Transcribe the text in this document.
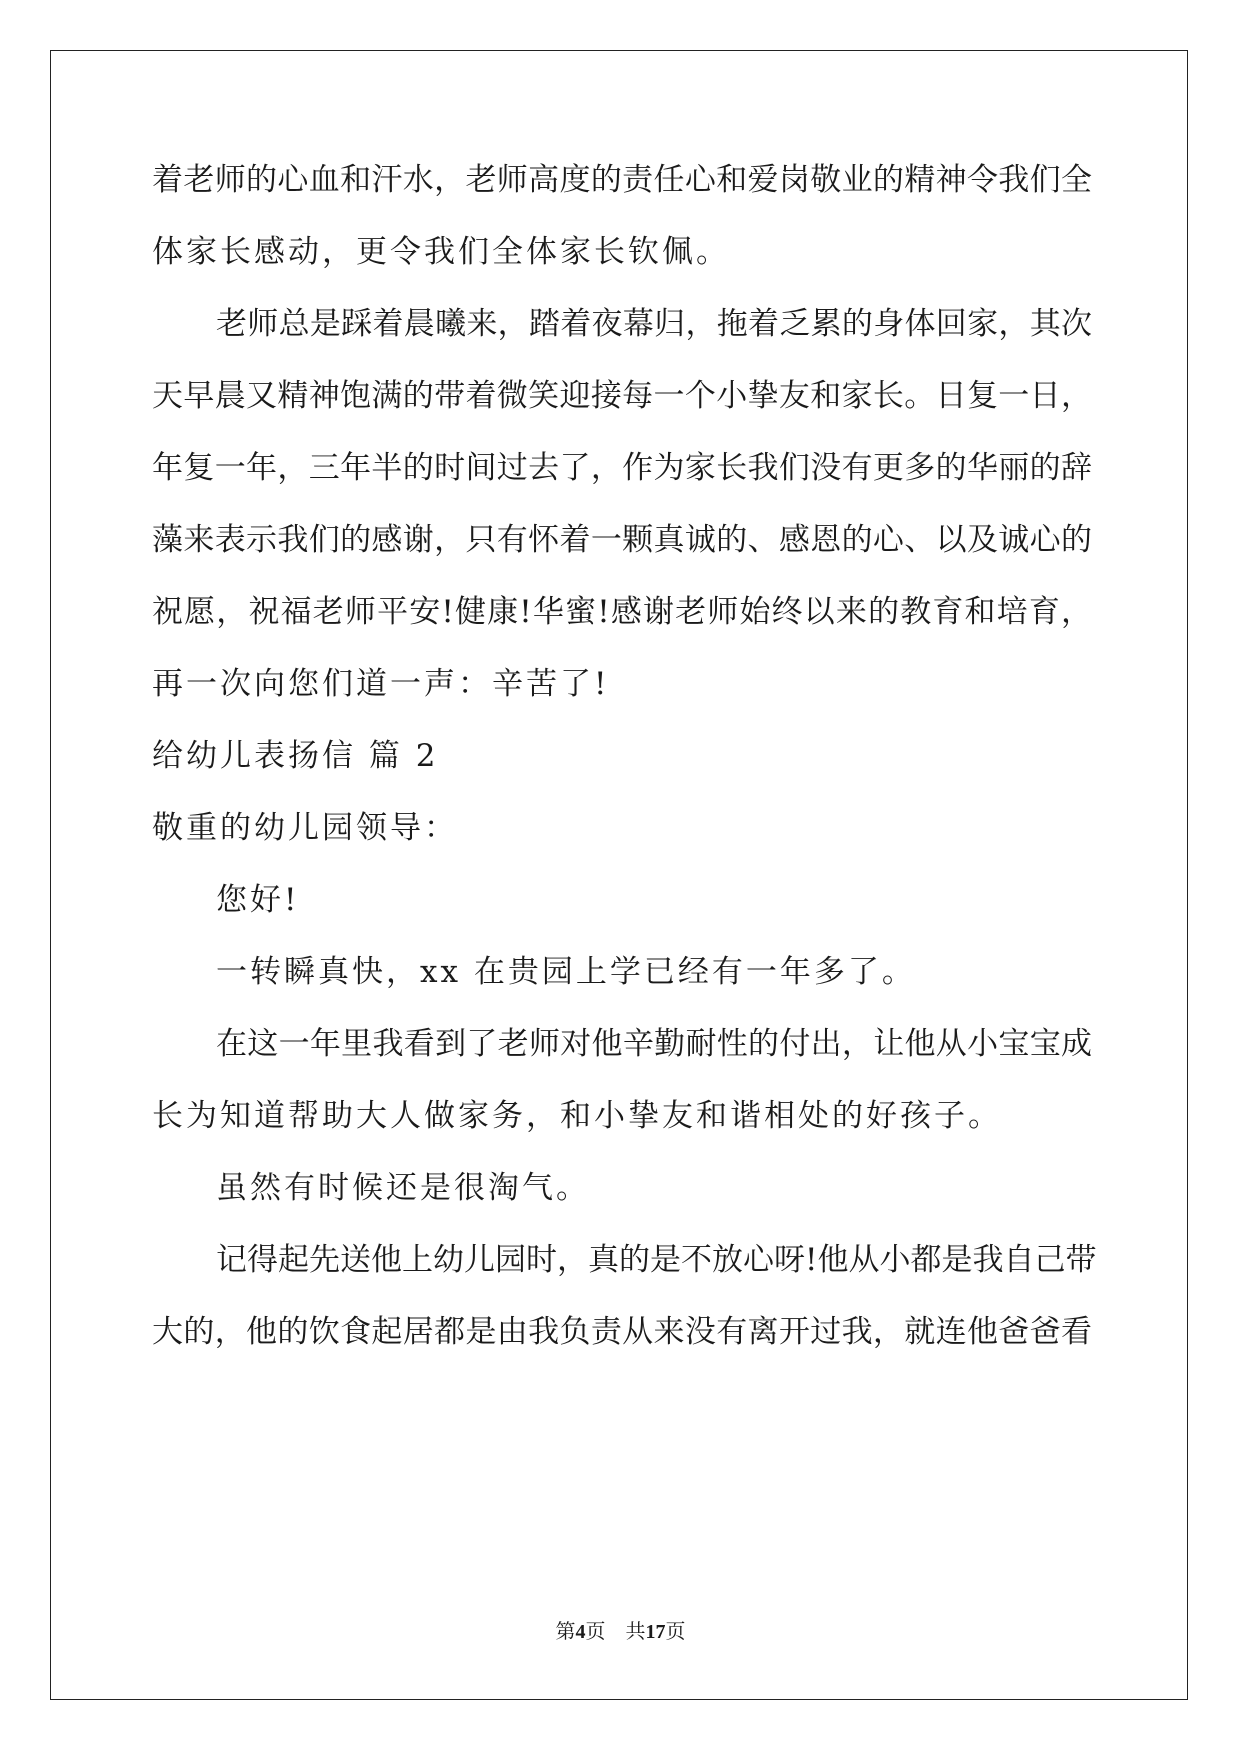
着老师的心血和汗水，老师高度的责任心和爱岗敬业的精神令我们全
体家长感动，更令我们全体家长钦佩。
老师总是踩着晨曦来，踏着夜幕归，拖着乏累的身体回家，其次
天早晨又精神饱满的带着微笑迎接每一个小挚友和家长。日复一日，
年复一年，三年半的时间过去了，作为家长我们没有更多的华丽的辞
藻来表示我们的感谢，只有怀着一颗真诚的、感恩的心、以及诚心的
祝愿，祝福老师平安!健康!华蜜!感谢老师始终以来的教育和培育，
再一次向您们道一声：辛苦了!
给幼儿表扬信 篇 2
敬重的幼儿园领导：
您好!
一转瞬真快，xx 在贵园上学已经有一年多了。
在这一年里我看到了老师对他辛勤耐性的付出，让他从小宝宝成
长为知道帮助大人做家务，和小挚友和谐相处的好孩子。
虽然有时候还是很淘气。
记得起先送他上幼儿园时，真的是不放心呀!他从小都是我自己带
大的，他的饮食起居都是由我负责从来没有离开过我，就连他爸爸看
第4页 共17页
